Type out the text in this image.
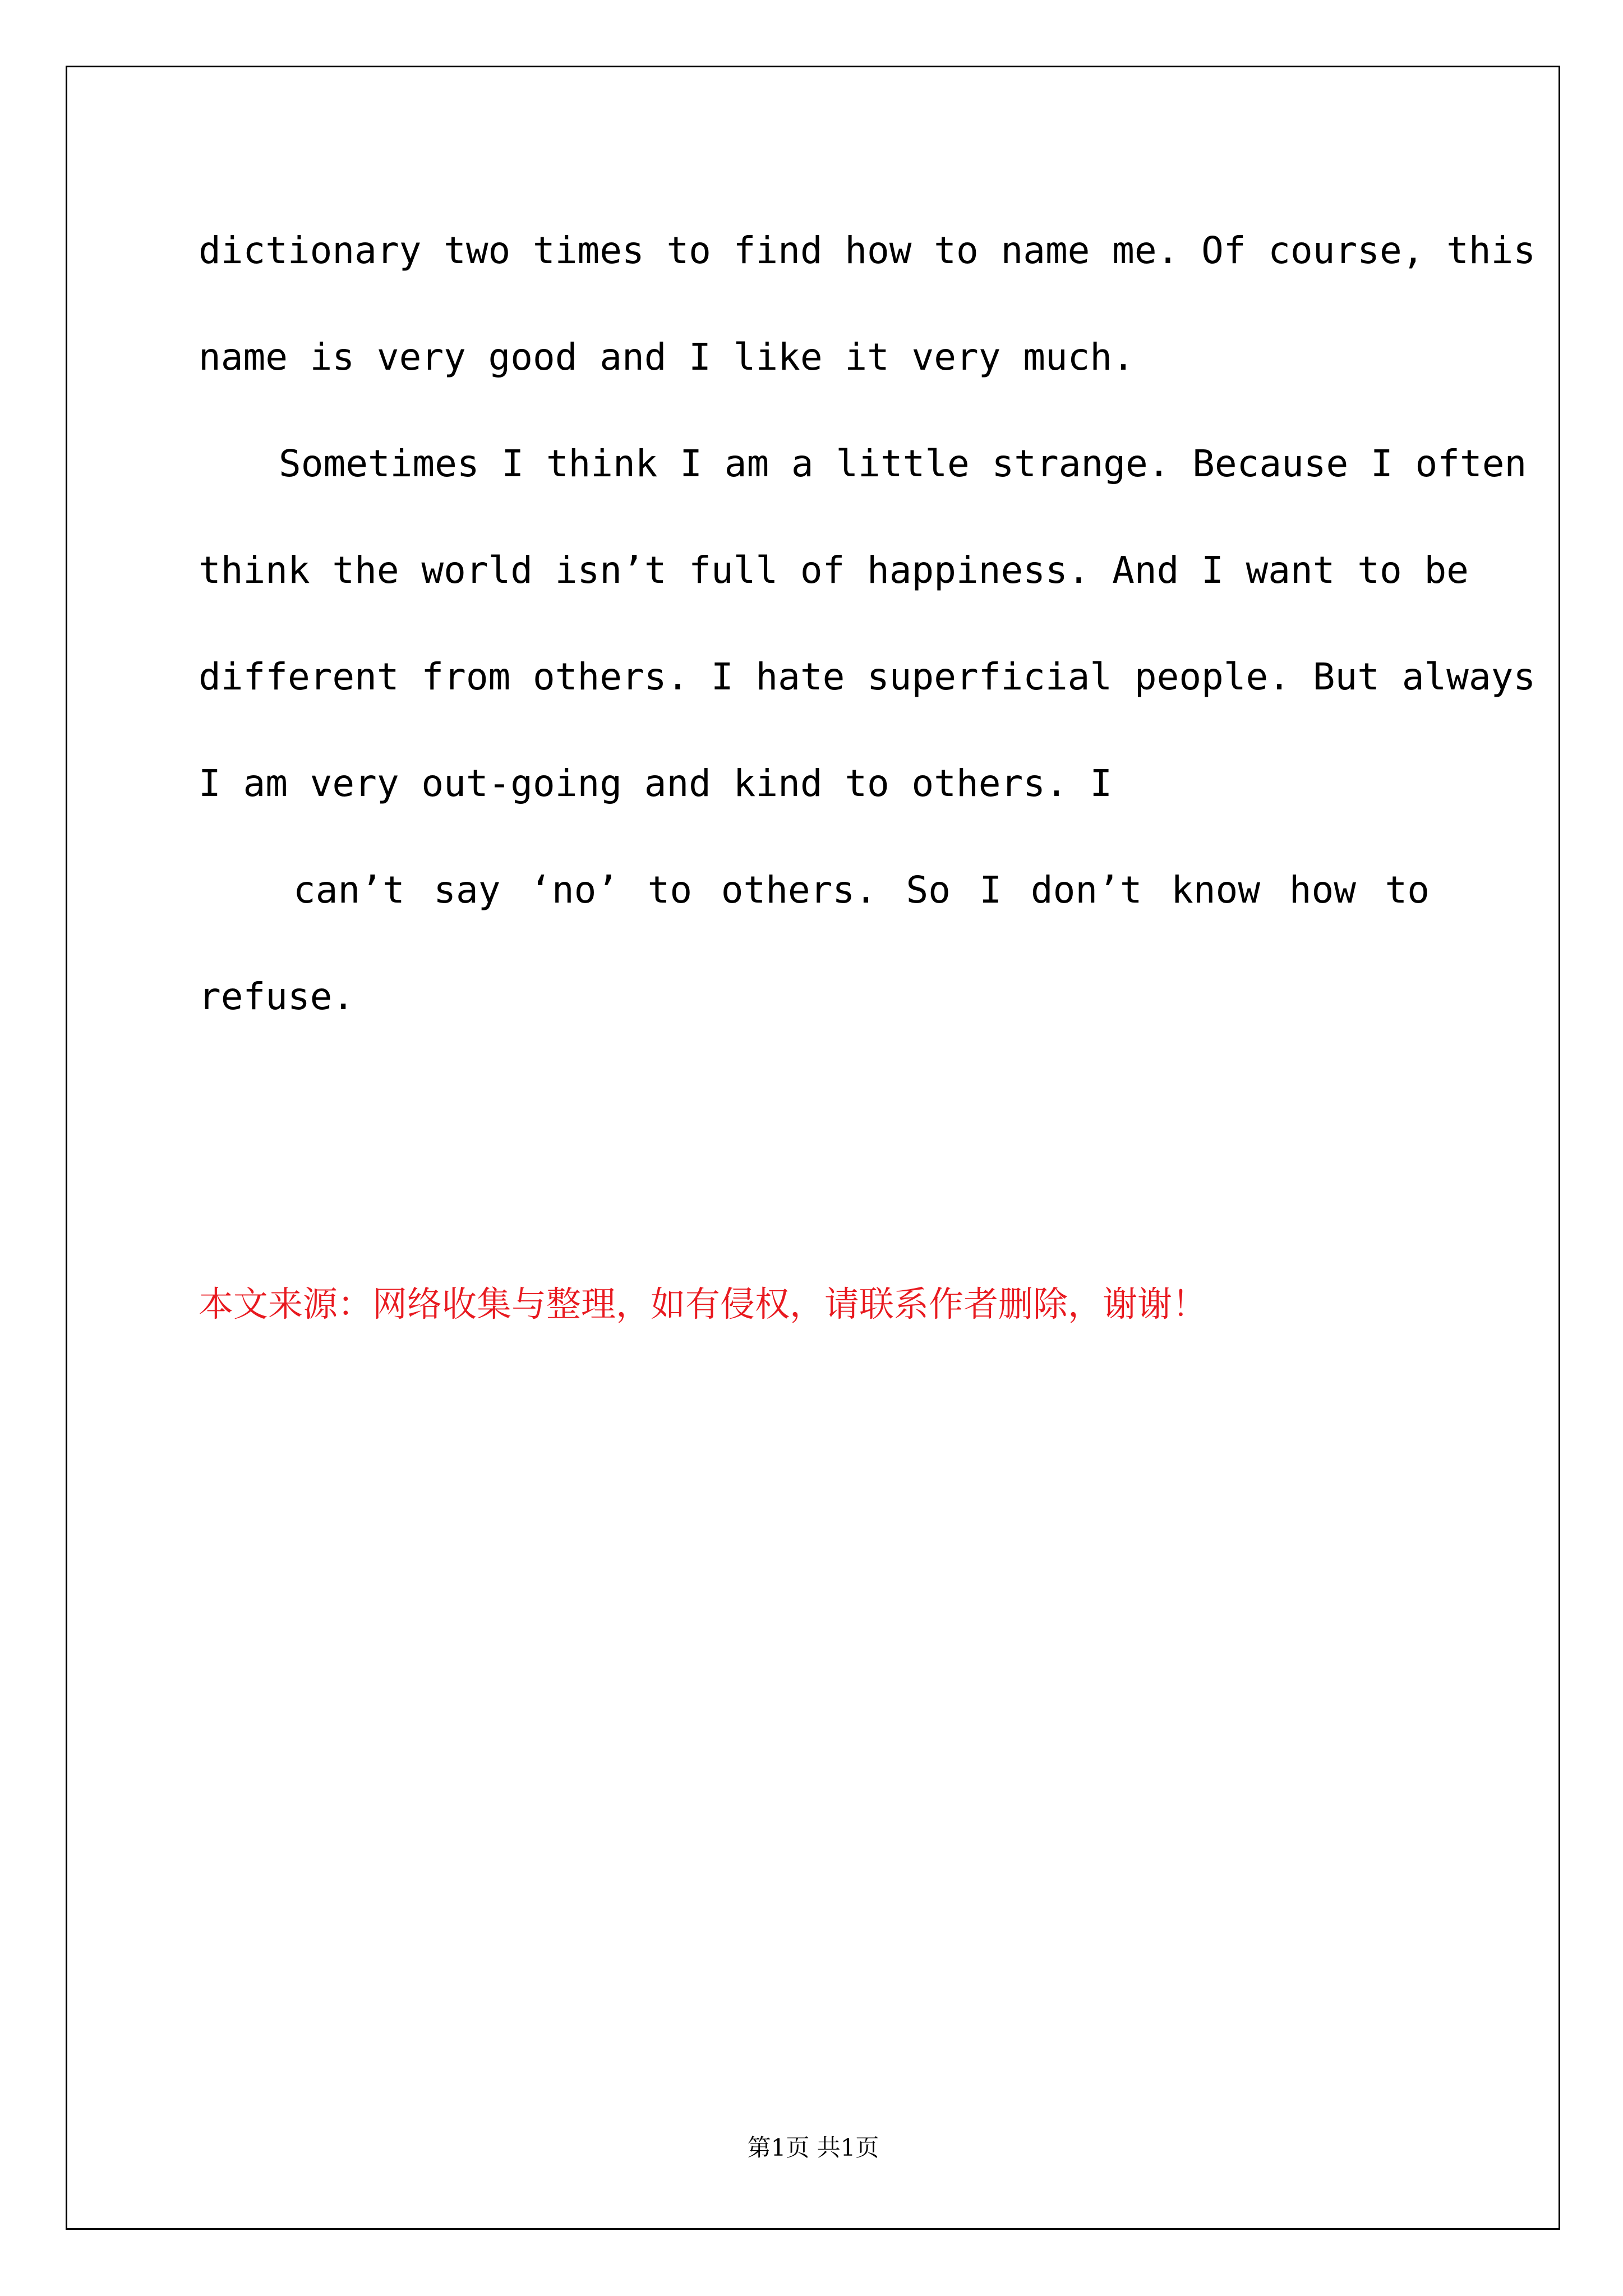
dictionary two times to find how to name me. Of course, this
name is very good and I like it very much.
Sometimes I think I am a little strange. Because I often
think the world isn’t full of happiness. And I want to be
different from others. I hate superficial people. But always
I am very out-going and kind to others. I
can’t say ‘no’ to others. So I don’t know how to
refuse.
本文来源：网络收集与整理，如有侵权，请联系作者删除，谢谢！
第1页 共1页
